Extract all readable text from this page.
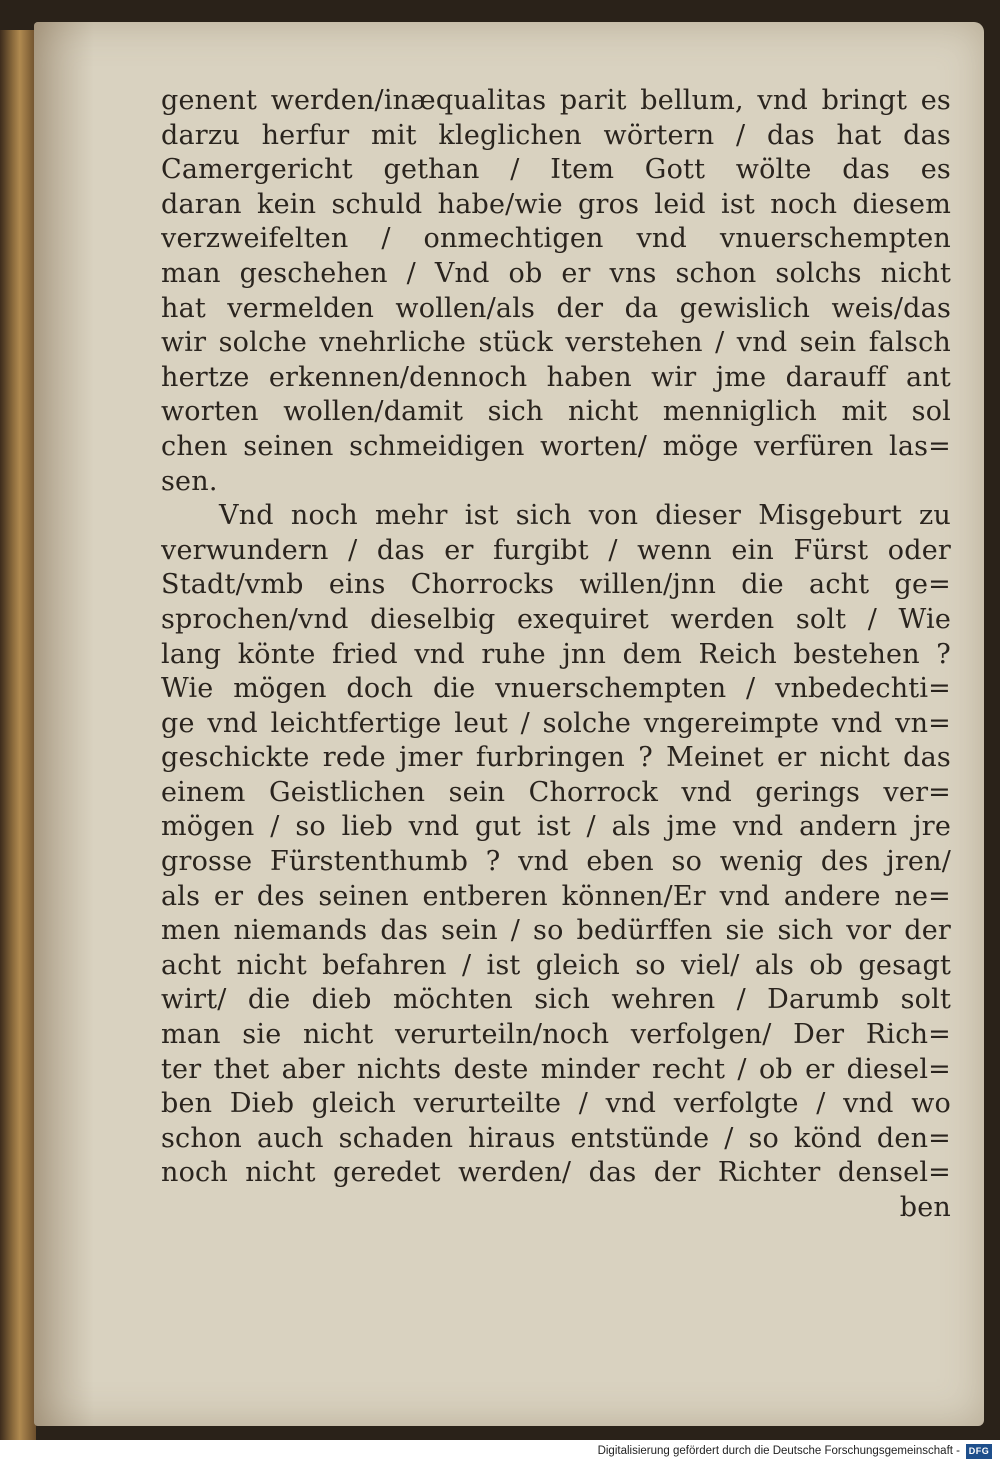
genent werden/inæqualitas parit bellum, vnd bringt es
darzu herfur mit kleglichen wörtern / das hat das
Camergericht gethan / Item Gott wölte das es
daran kein schuld habe/wie gros leid ist noch diesem
verzweifelten / onmechtigen vnd vnuerschempten
man geschehen / Vnd ob er vns schon solchs nicht
hat vermelden wollen/als der da gewislich weis/das
wir solche vnehrliche stück verstehen / vnd sein falsch
hertze erkennen/dennoch haben wir jme darauff ant
worten wollen/damit sich nicht menniglich mit sol
chen seinen schmeidigen worten/ möge verfüren las=
sen.
Vnd noch mehr ist sich von dieser Misgeburt zu
verwundern / das er furgibt / wenn ein Fürst oder
Stadt/vmb eins Chorrocks willen/jnn die acht ge=
sprochen/vnd dieselbig exequiret werden solt / Wie
lang könte fried vnd ruhe jnn dem Reich bestehen ?
Wie mögen doch die vnuerschempten / vnbedechti=
ge vnd leichtfertige leut / solche vngereimpte vnd vn=
geschickte rede jmer furbringen ? Meinet er nicht das
einem Geistlichen sein Chorrock vnd gerings ver=
mögen / so lieb vnd gut ist / als jme vnd andern jre
grosse Fürstenthumb ? vnd eben so wenig des jren/
als er des seinen entberen können/Er vnd andere ne=
men niemands das sein / so bedürffen sie sich vor der
acht nicht befahren / ist gleich so viel/ als ob gesagt
wirt/ die dieb möchten sich wehren / Darumb solt
man sie nicht verurteiln/noch verfolgen/ Der Rich=
ter thet aber nichts deste minder recht / ob er diesel=
ben Dieb gleich verurteilte / vnd verfolgte / vnd wo
schon auch schaden hiraus entstünde / so könd den=
noch nicht geredet werden/ das der Richter densel=
ben
Digitalisierung gefördert durch die Deutsche Forschungsgemeinschaft - DFG
